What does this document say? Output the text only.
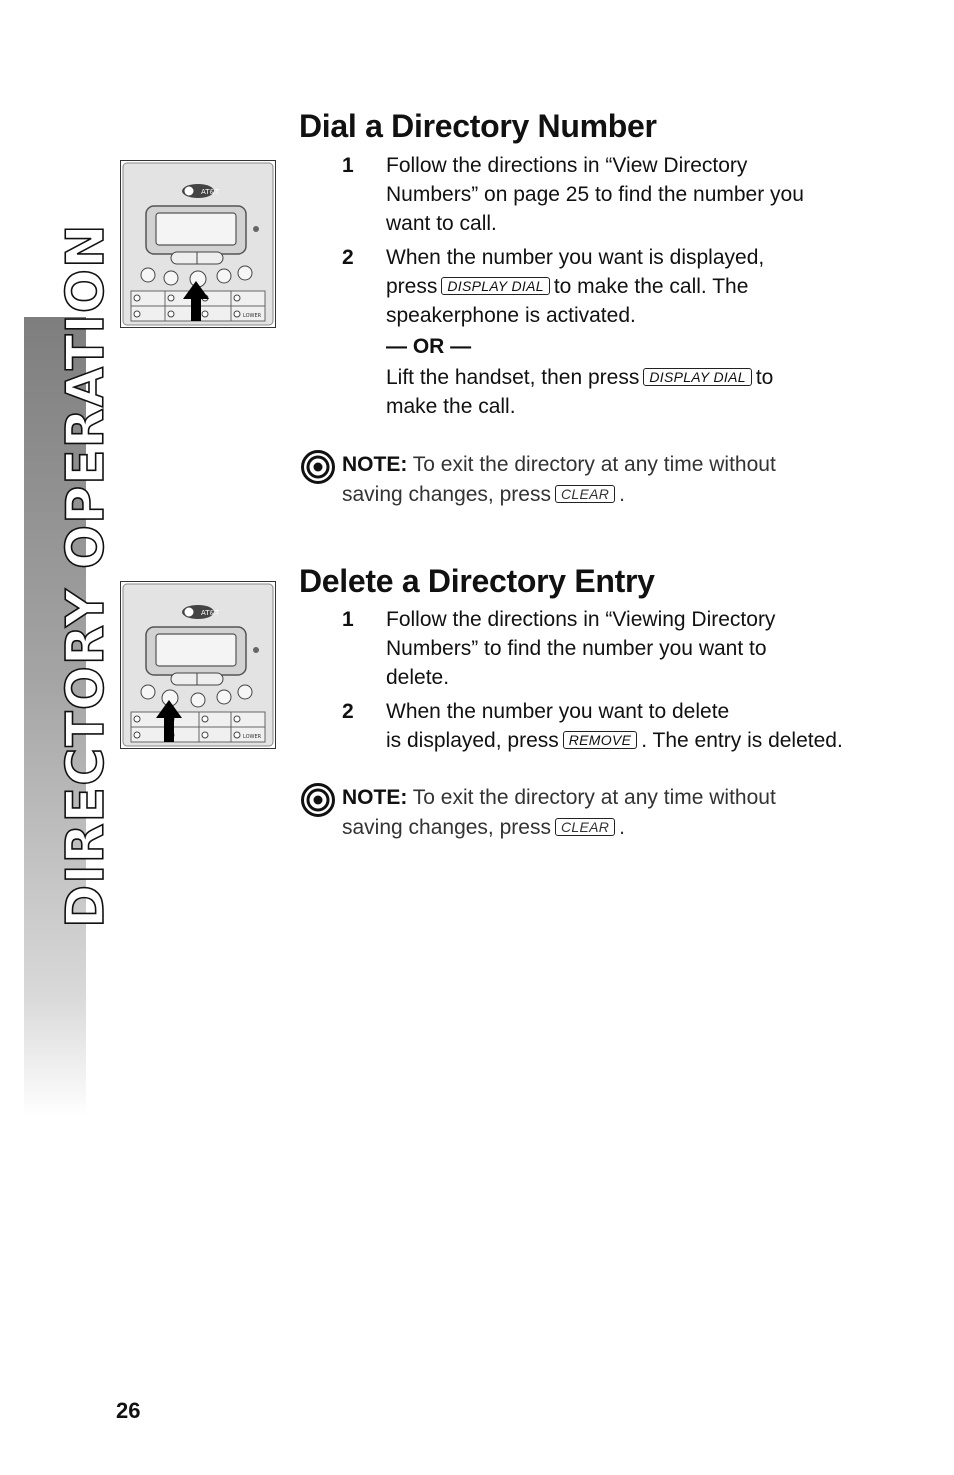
DIRECTORY OPERATION
AT&T
LOWER
Dial a Directory Number
1 Follow the directions in “View Directory
Numbers” on page 25 to find the number you
want to call.
2 When the number you want is displayed,
press DISPLAY DIAL to make the call. The
speakerphone is activated.
— OR —
Lift the handset, then press DISPLAY DIAL to
make the call.
NOTE: To exit the directory at any time without
saving changes, press CLEAR .
AT&T
LOWER
Delete a Directory Entry
1 Follow the directions in “Viewing Directory
Numbers” to find the number you want to
delete.
2 When the number you want to delete
is displayed, press REMOVE . The entry is deleted.
NOTE: To exit the directory at any time without
saving changes, press CLEAR .
26
